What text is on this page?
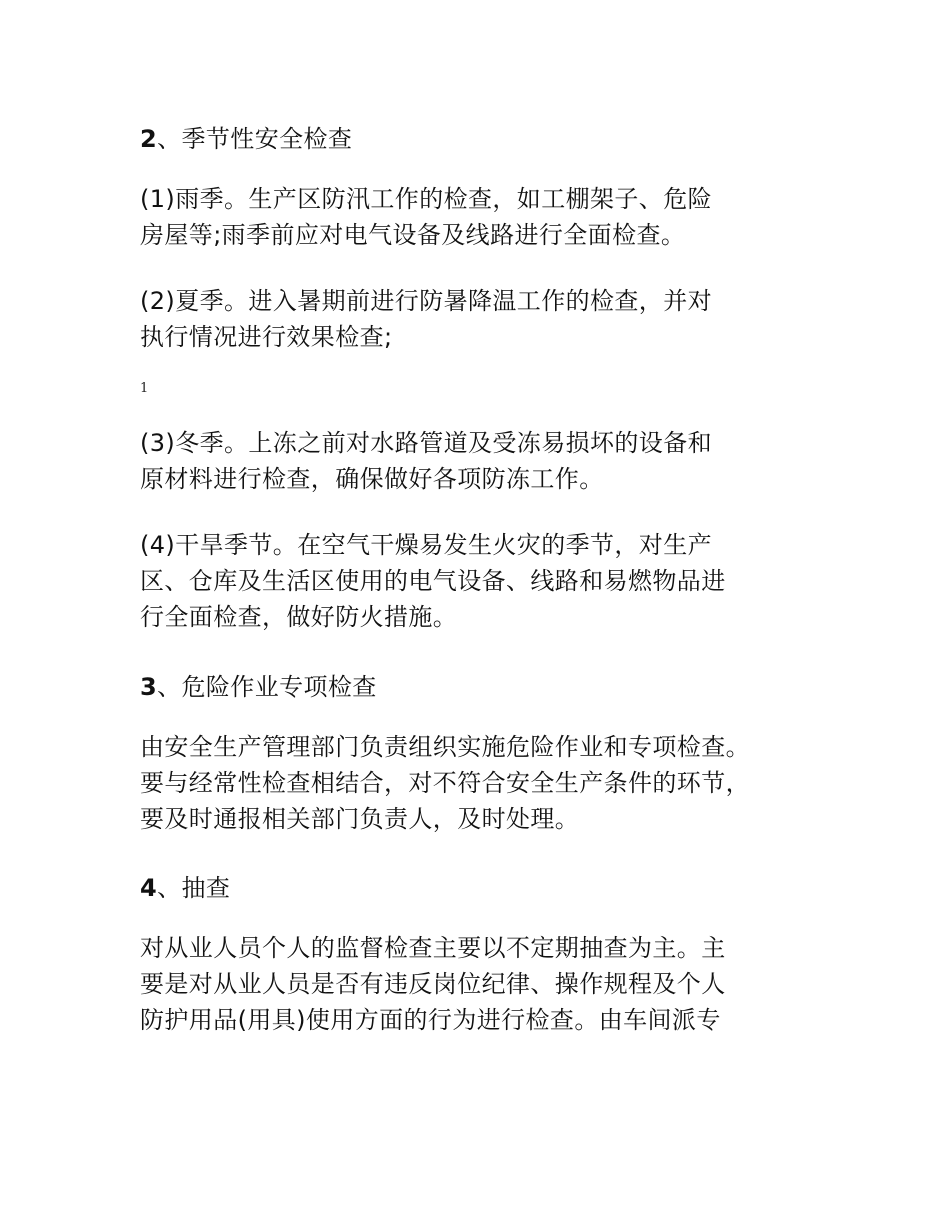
2、季节性安全检查

(1)雨季。生产区防汛工作的检查，如工棚架子、危险
房屋等;雨季前应对电气设备及线路进行全面检查。

(2)夏季。进入暑期前进行防暑降温工作的检查，并对
执行情况进行效果检查;

1

(3)冬季。上冻之前对水路管道及受冻易损坏的设备和
原材料进行检查，确保做好各项防冻工作。

(4)干旱季节。在空气干燥易发生火灾的季节，对生产
区、仓库及生活区使用的电气设备、线路和易燃物品进
行全面检查，做好防火措施。

3、危险作业专项检查

由安全生产管理部门负责组织实施危险作业和专项检查。
要与经常性检查相结合，对不符合安全生产条件的环节，
要及时通报相关部门负责人，及时处理。

4、抽查

对从业人员个人的监督检查主要以不定期抽查为主。主
要是对从业人员是否有违反岗位纪律、操作规程及个人
防护用品(用具)使用方面的行为进行检查。由车间派专
